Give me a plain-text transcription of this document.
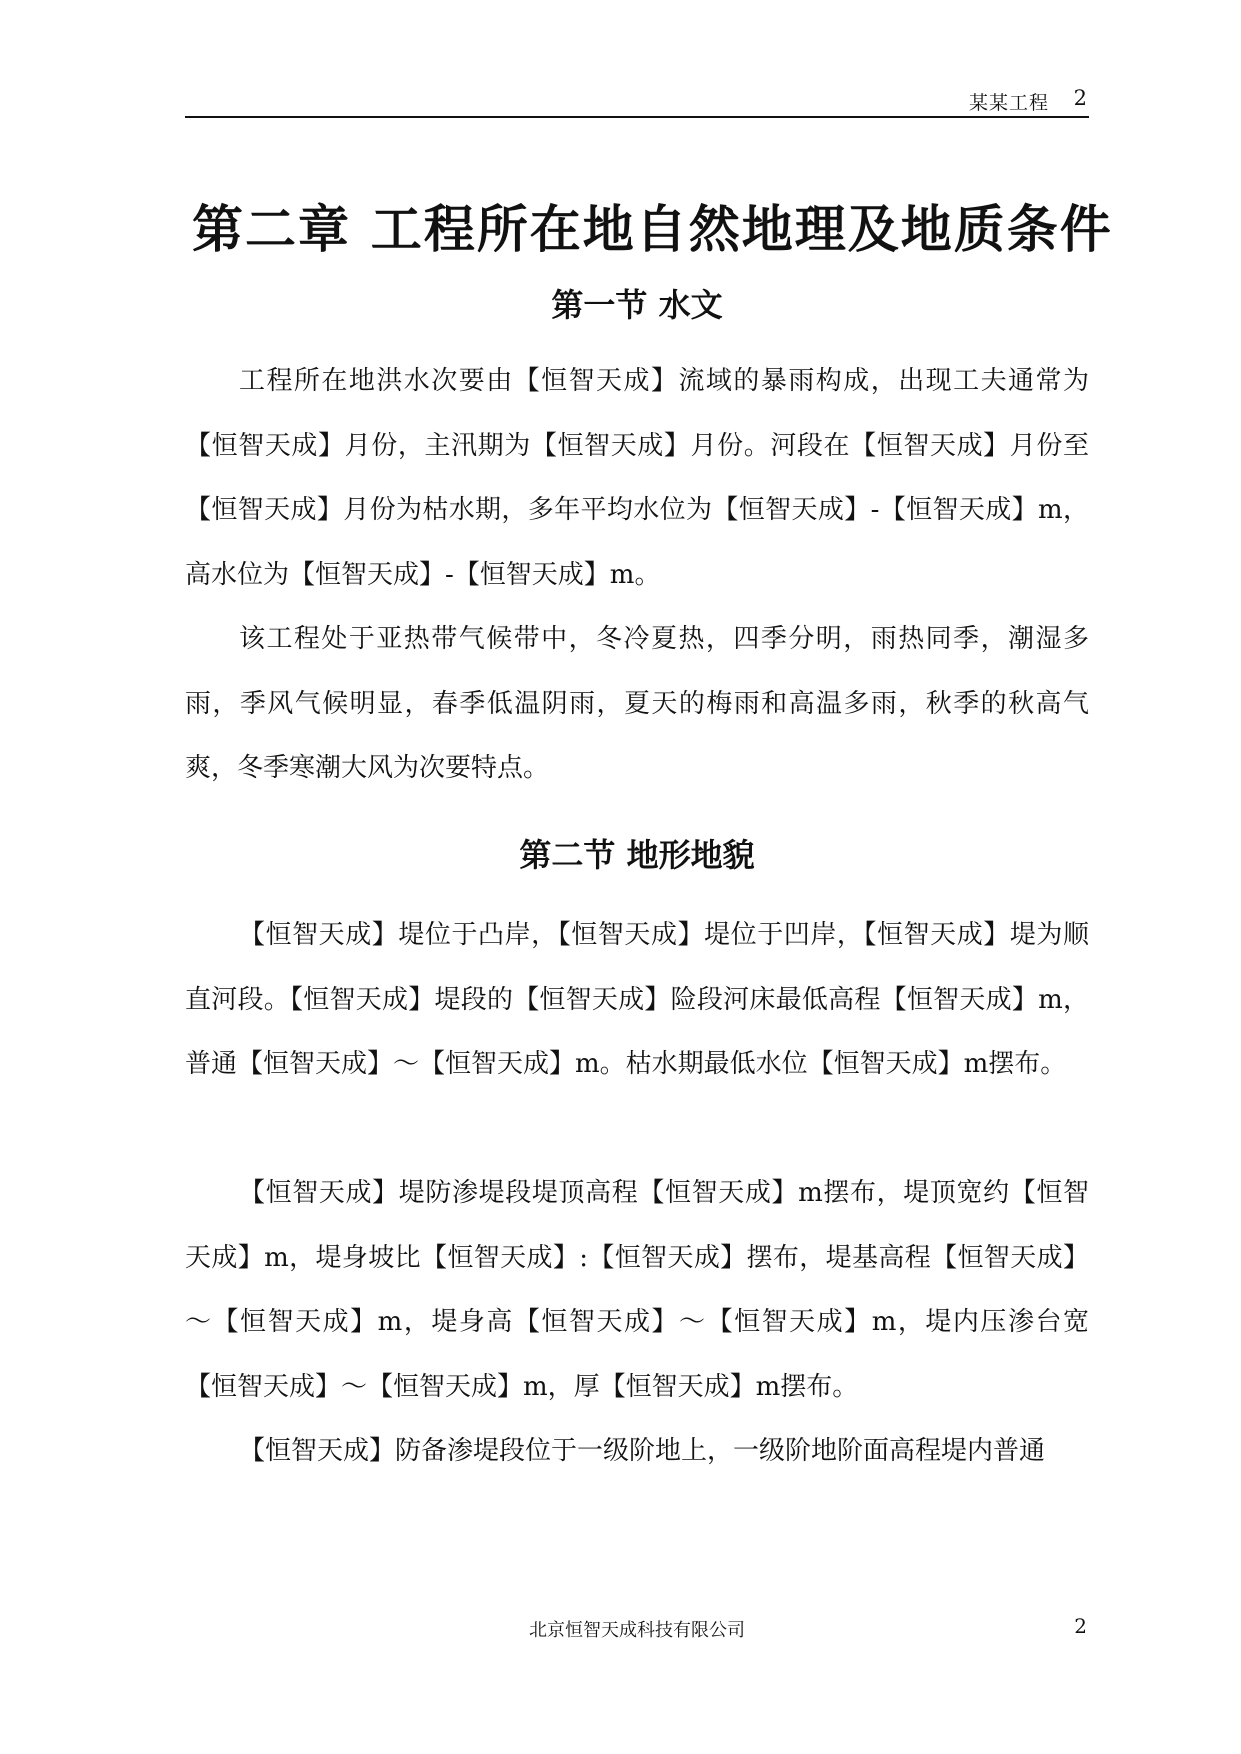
某某工程 2
第二章 工程所在地自然地理及地质条件
第一节 水文

工程所在地洪水次要由【恒智天成】流域的暴雨构成，出现工夫通常为【恒智天成】月份，主汛期为【恒智天成】月份。河段在【恒智天成】月份至【恒智天成】月份为枯水期，多年平均水位为【恒智天成】-【恒智天成】m，高水位为【恒智天成】-【恒智天成】m。

该工程处于亚热带气候带中，冬冷夏热，四季分明，雨热同季，潮湿多雨，季风气候明显，春季低温阴雨，夏天的梅雨和高温多雨，秋季的秋高气爽，冬季寒潮大风为次要特点。

第二节 地形地貌

【恒智天成】堤位于凸岸，【恒智天成】堤位于凹岸，【恒智天成】堤为顺直河段。【恒智天成】堤段的【恒智天成】险段河床最低高程【恒智天成】m，普通【恒智天成】～【恒智天成】m。枯水期最低水位【恒智天成】m摆布。

【恒智天成】堤防渗堤段堤顶高程【恒智天成】m摆布，堤顶宽约【恒智天成】m，堤身坡比【恒智天成】:【恒智天成】摆布，堤基高程【恒智天成】～【恒智天成】m，堤身高【恒智天成】～【恒智天成】m，堤内压渗台宽【恒智天成】～【恒智天成】m，厚【恒智天成】m摆布。

【恒智天成】防备渗堤段位于一级阶地上，一级阶地阶面高程堤内普通

北京恒智天成科技有限公司	2
